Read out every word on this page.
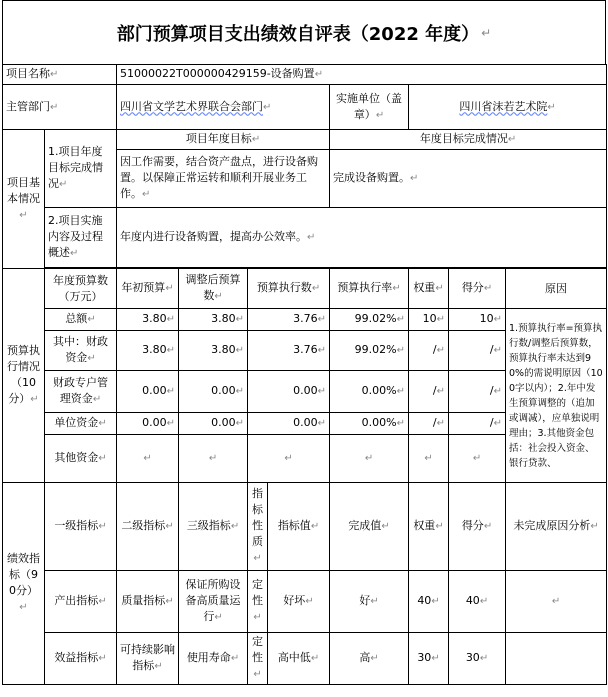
部门预算项目支出绩效自评表（2022 年度） ↵
项目名称↵		51000022T000000429159-设备购置↵							
主管部门↵		四川省文学艺术界联合会部门↵				实施单位（盖章）↵	四川省沫若艺术院↵		
项目基本情况↵	1.项目年度目标完成情况↵	项目年度目标↵				年度目标完成情况↵			
		因工作需要，结合资产盘点，进行设备购置。以保障正常运转和顺利开展业务工作。↵				完成设备购置。↵			
	2.项目实施内容及过程概述↵	年度内进行设备购置，提高办公效率。↵							

预算执行情况（10分）↵	年度预算数（万元）	年初预算↵	调整后预算数↵	预算执行数↵		预算执行率↵	权重↵	得分↵	原因
	总额↵	3.80↵	3.80↵	3.76↵		99.02%↵	10↵	10↵	1.预算执行率=预算执行数/调整后预算数，预算执行率未达到90%的需说明原因（100字以内）；2.年中发生预算调整的（追加或调减），应单独说明理由；3.其他资金包括：社会投入资金、银行贷款、
	其中：财政资金↵	3.80↵	3.80↵	3.76↵		99.02%↵	/↵	/↵	
	财政专户管理资金↵	0.00↵	0.00↵	0.00↵		0.00%↵	/↵	/↵	
	单位资金↵	0.00↵	0.00↵	0.00↵		0.00%↵	/↵	/↵	
	其他资金↵	↵	↵	↵		↵	↵	↵	
绩效指标（90分）↵	一级指标↵	二级指标↵	三级指标↵	指标性质↵	指标值↵	完成值↵	权重↵	得分↵	未完成原因分析↵
	产出指标↵	质量指标↵	保证所购设备高质量运行↵	定性↵	好坏↵	好↵	40↵	40↵	↵
	效益指标↵	可持续影响指标↵	使用寿命↵	定性↵	高中低↵	高↵	30↵	30↵	
